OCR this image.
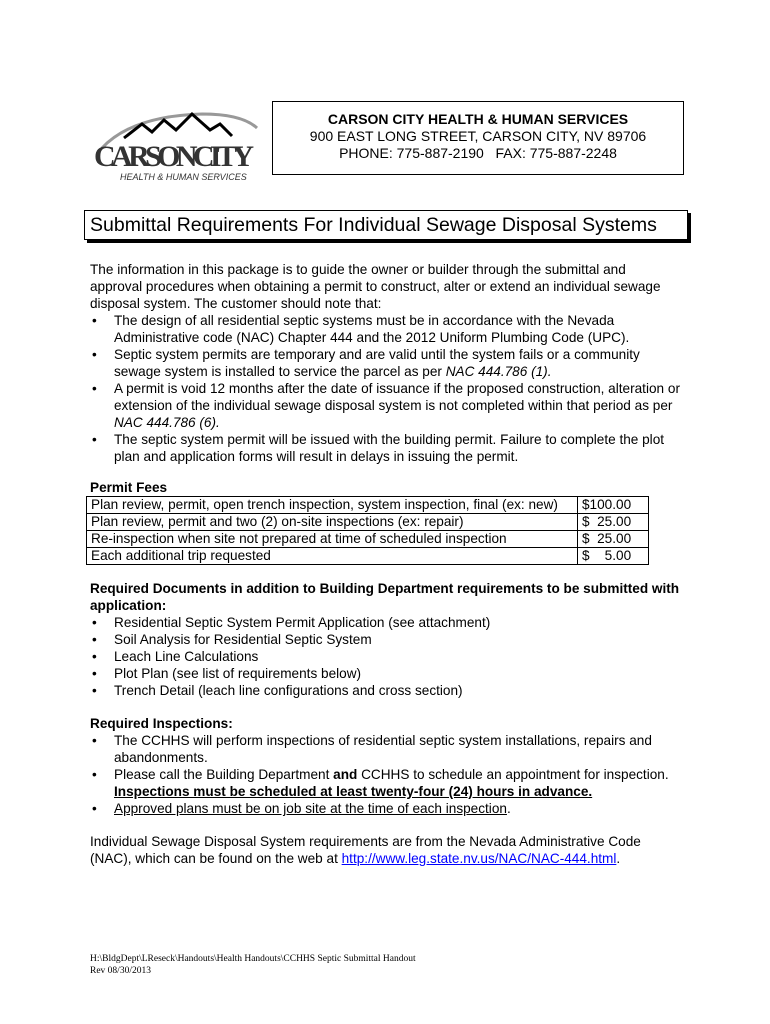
CARSONCITY
HEALTH & HUMAN SERVICES
CARSON CITY HEALTH & HUMAN SERVICES
900 EAST LONG STREET, CARSON CITY, NV 89706
PHONE: 775-887-2190   FAX: 775-887-2248
Submittal Requirements For Individual Sewage Disposal Systems
The information in this package is to guide the owner or builder through the submittal and approval procedures when obtaining a permit to construct, alter or extend an individual sewage disposal system. The customer should note that:
• The design of all residential septic systems must be in accordance with the Nevada Administrative code (NAC) Chapter 444 and the 2012 Uniform Plumbing Code (UPC).
• Septic system permits are temporary and are valid until the system fails or a community sewage system is installed to service the parcel as per NAC 444.786 (1).
• A permit is void 12 months after the date of issuance if the proposed construction, alteration or extension of the individual sewage disposal system is not completed within that period as per NAC 444.786 (6).
• The septic system permit will be issued with the building permit. Failure to complete the plot plan and application forms will result in delays in issuing the permit.
Permit Fees
Plan review, permit, open trench inspection, system inspection, final (ex: new)	$100.00
Plan review, permit and two (2) on-site inspections (ex: repair)	$  25.00
Re-inspection when site not prepared at time of scheduled inspection	$  25.00
Each additional trip requested	$    5.00
Required Documents in addition to Building Department requirements to be submitted with application:
• Residential Septic System Permit Application (see attachment)
• Soil Analysis for Residential Septic System
• Leach Line Calculations
• Plot Plan (see list of requirements below)
• Trench Detail (leach line configurations and cross section)
Required Inspections:
• The CCHHS will perform inspections of residential septic system installations, repairs and abandonments.
• Please call the Building Department and CCHHS to schedule an appointment for inspection.
Inspections must be scheduled at least twenty-four (24) hours in advance.
• Approved plans must be on job site at the time of each inspection.
Individual Sewage Disposal System requirements are from the Nevada Administrative Code (NAC), which can be found on the web at http://www.leg.state.nv.us/NAC/NAC-444.html.
H:\BldgDept\LReseck\Handouts\Health Handouts\CCHHS Septic Submittal Handout
Rev 08/30/2013
